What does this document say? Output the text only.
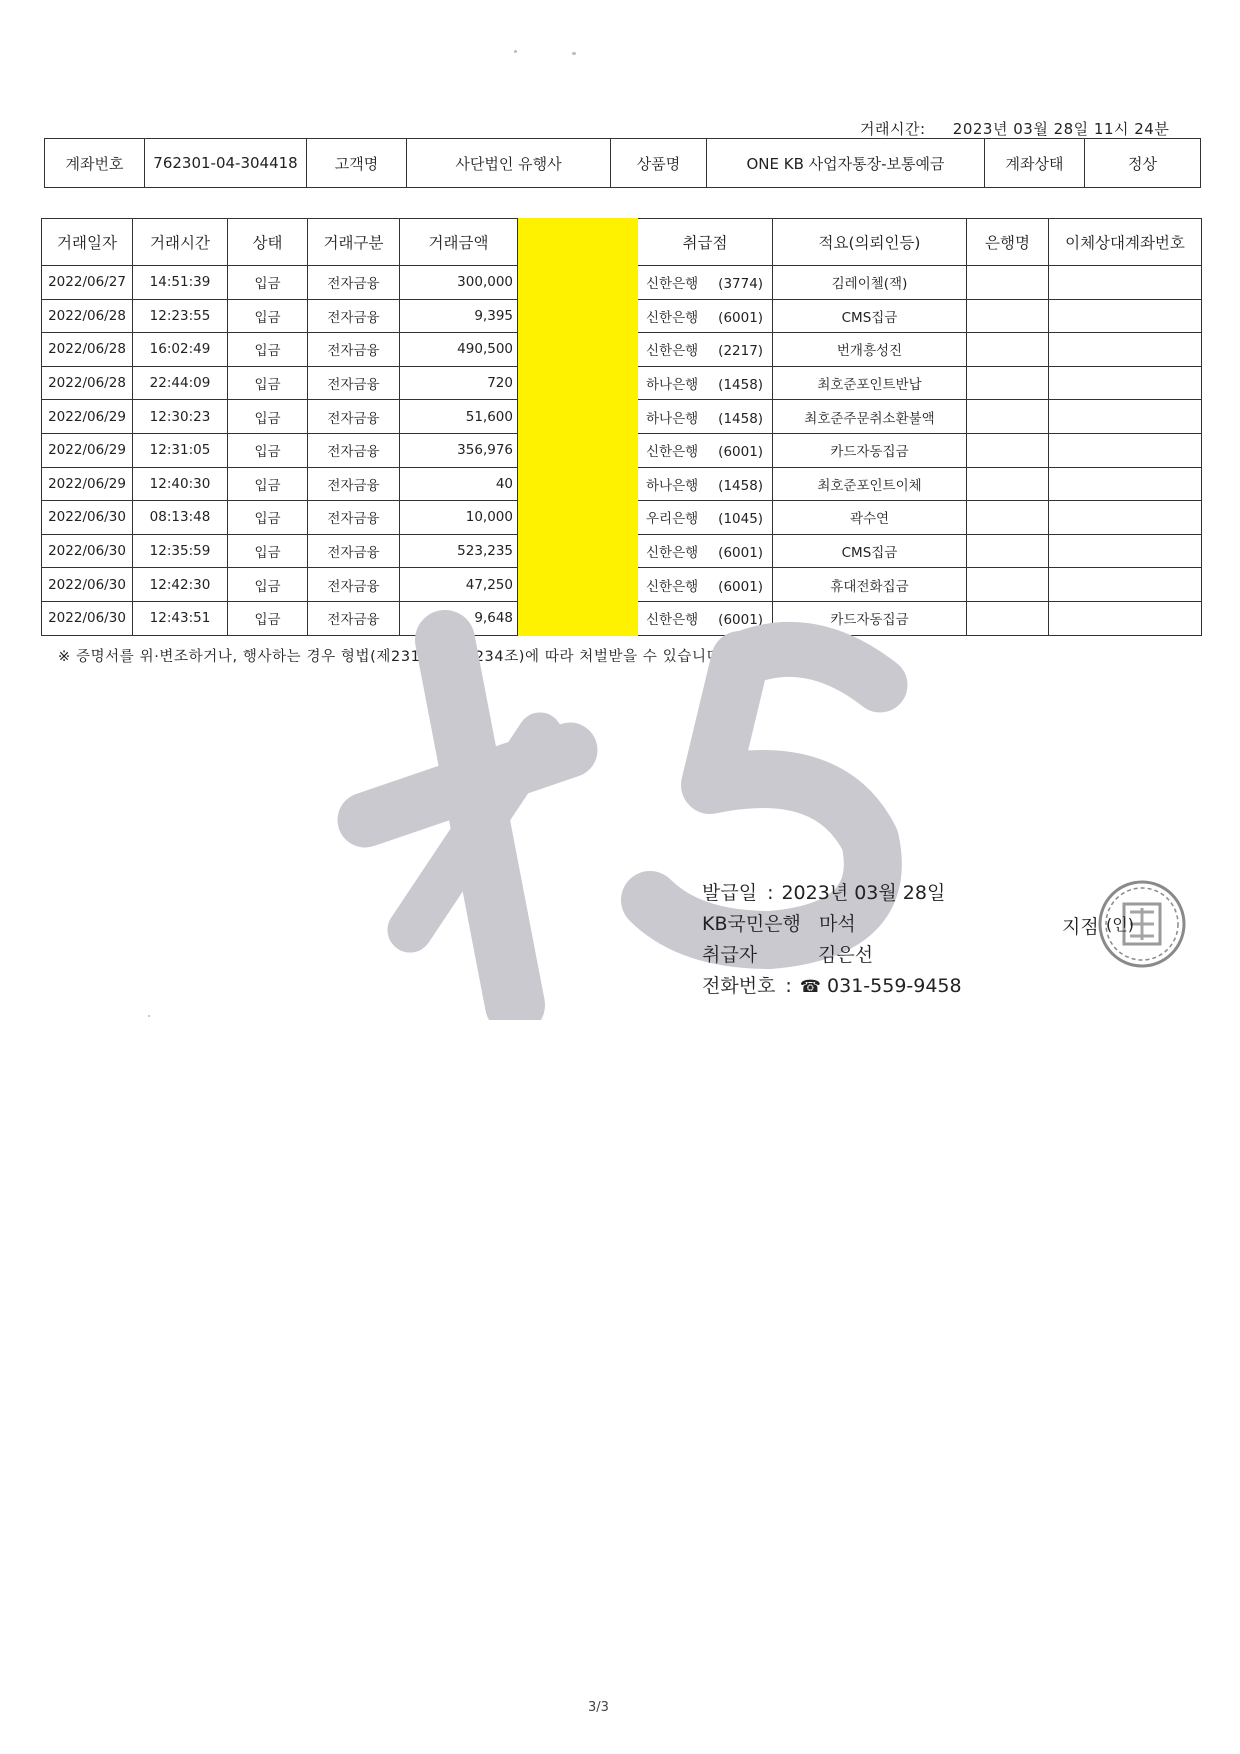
거래시간: 2023년 03월 28일 11시 24분
계좌번호	762301-04-304418	고객명	사단법인 유행사	상품명	ONE KB 사업자통장-보통예금	계좌상태	정상
거래일자	거래시간	상태	거래구분	거래금액		취급점	적요(의뢰인등)	은행명	이체상대계좌번호
2022/06/27	14:51:39	입금	전자금융	300,000		신한은행 (3774)	김레이첼(잭)		
2022/06/28	12:23:55	입금	전자금융	9,395		신한은행 (6001)	CMS집금		
2022/06/28	16:02:49	입금	전자금융	490,500		신한은행 (2217)	번개흥성진		
2022/06/28	22:44:09	입금	전자금융	720		하나은행 (1458)	최호준포인트반납		
2022/06/29	12:30:23	입금	전자금융	51,600		하나은행 (1458)	최호준주문취소환불액		
2022/06/29	12:31:05	입금	전자금융	356,976		신한은행 (6001)	카드자동집금		
2022/06/29	12:40:30	입금	전자금융	40		하나은행 (1458)	최호준포인트이체		
2022/06/30	08:13:48	입금	전자금융	10,000		우리은행 (1045)	곽수연		
2022/06/30	12:35:59	입금	전자금융	523,235		신한은행 (6001)	CMS집금		
2022/06/30	12:42:30	입금	전자금융	47,250		신한은행 (6001)	휴대전화집금		
2022/06/30	12:43:51	입금	전자금융	9,648		신한은행 (6001)	카드자동집금		
※ 증명서를 위·변조하거나, 행사하는 경우 형법(제231조 및 제234조)에 따라 처벌받을 수 있습니다.
발급일 : 2023년 03월 28일
KB국민은행 마석
취급자	김은선
전화번호 : ☎ 031-559-9458
지점 (인)
3/3
